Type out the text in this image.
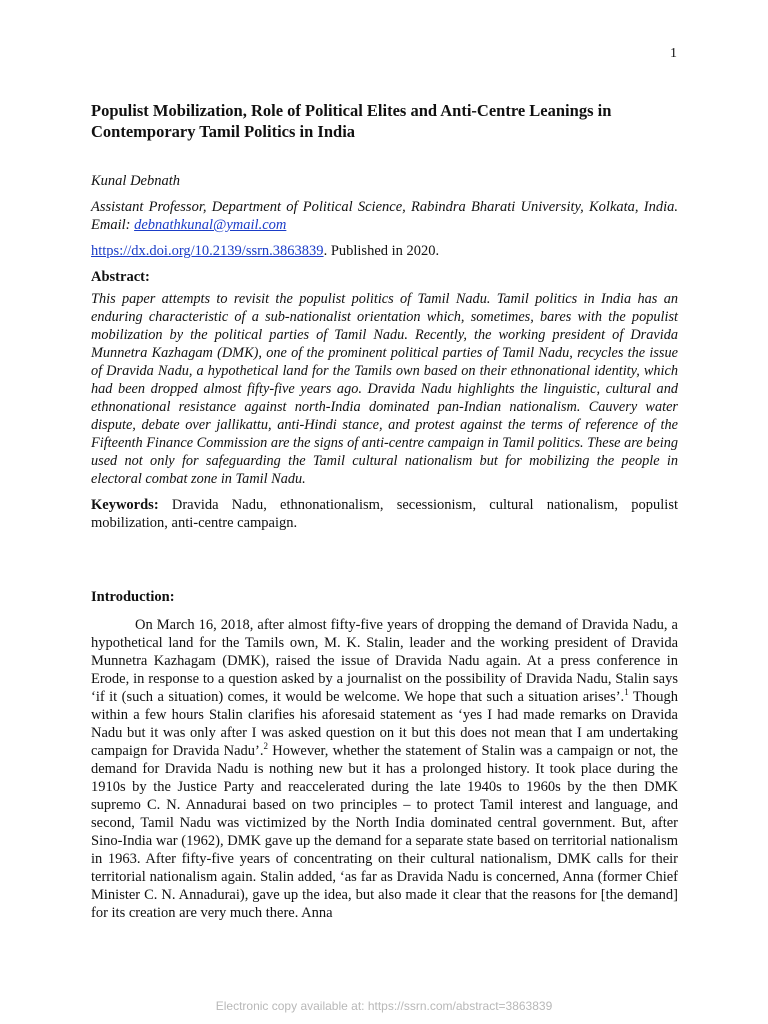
1
Populist Mobilization, Role of Political Elites and Anti-Centre Leanings in Contemporary Tamil Politics in India

Kunal Debnath

Assistant Professor, Department of Political Science, Rabindra Bharati University, Kolkata, India. Email: debnathkunal@ymail.com

https://dx.doi.org/10.2139/ssrn.3863839. Published in 2020.

Abstract:

This paper attempts to revisit the populist politics of Tamil Nadu. Tamil politics in India has an enduring characteristic of a sub-nationalist orientation which, sometimes, bares with the populist mobilization by the political parties of Tamil Nadu. Recently, the working president of Dravida Munnetra Kazhagam (DMK), one of the prominent political parties of Tamil Nadu, recycles the issue of Dravida Nadu, a hypothetical land for the Tamils own based on their ethnonational identity, which had been dropped almost fifty-five years ago. Dravida Nadu highlights the linguistic, cultural and ethnonational resistance against north-India dominated pan-Indian nationalism. Cauvery water dispute, debate over jallikattu, anti-Hindi stance, and protest against the terms of reference of the Fifteenth Finance Commission are the signs of anti-centre campaign in Tamil politics. These are being used not only for safeguarding the Tamil cultural nationalism but for mobilizing the people in electoral combat zone in Tamil Nadu.

Keywords: Dravida Nadu, ethnonationalism, secessionism, cultural nationalism, populist mobilization, anti-centre campaign.

Introduction:

On March 16, 2018, after almost fifty-five years of dropping the demand of Dravida Nadu, a hypothetical land for the Tamils own, M. K. Stalin, leader and the working president of Dravida Munnetra Kazhagam (DMK), raised the issue of Dravida Nadu again. At a press conference in Erode, in response to a question asked by a journalist on the possibility of Dravida Nadu, Stalin says ‘if it (such a situation) comes, it would be welcome. We hope that such a situation arises’.$^1$ Though within a few hours Stalin clarifies his aforesaid statement as ‘yes I had made remarks on Dravida Nadu but it was only after I was asked question on it but this does not mean that I am undertaking campaign for Dravida Nadu’.$^2$ However, whether the statement of Stalin was a campaign or not, the demand for Dravida Nadu is nothing new but it has a prolonged history. It took place during the 1910s by the Justice Party and reaccelerated during the late 1940s to 1960s by the then DMK supremo C. N. Annadurai based on two principles – to protect Tamil interest and language, and second, Tamil Nadu was victimized by the North India dominated central government. But, after Sino-India war (1962), DMK gave up the demand for a separate state based on territorial nationalism in 1963. After fifty-five years of concentrating on their cultural nationalism, DMK calls for their territorial nationalism again. Stalin added, ‘as far as Dravida Nadu is concerned, Anna (former Chief Minister C. N. Annadurai), gave up the idea, but also made it clear that the reasons for [the demand] for its creation are very much there. Anna

Electronic copy available at: https://ssrn.com/abstract=3863839
